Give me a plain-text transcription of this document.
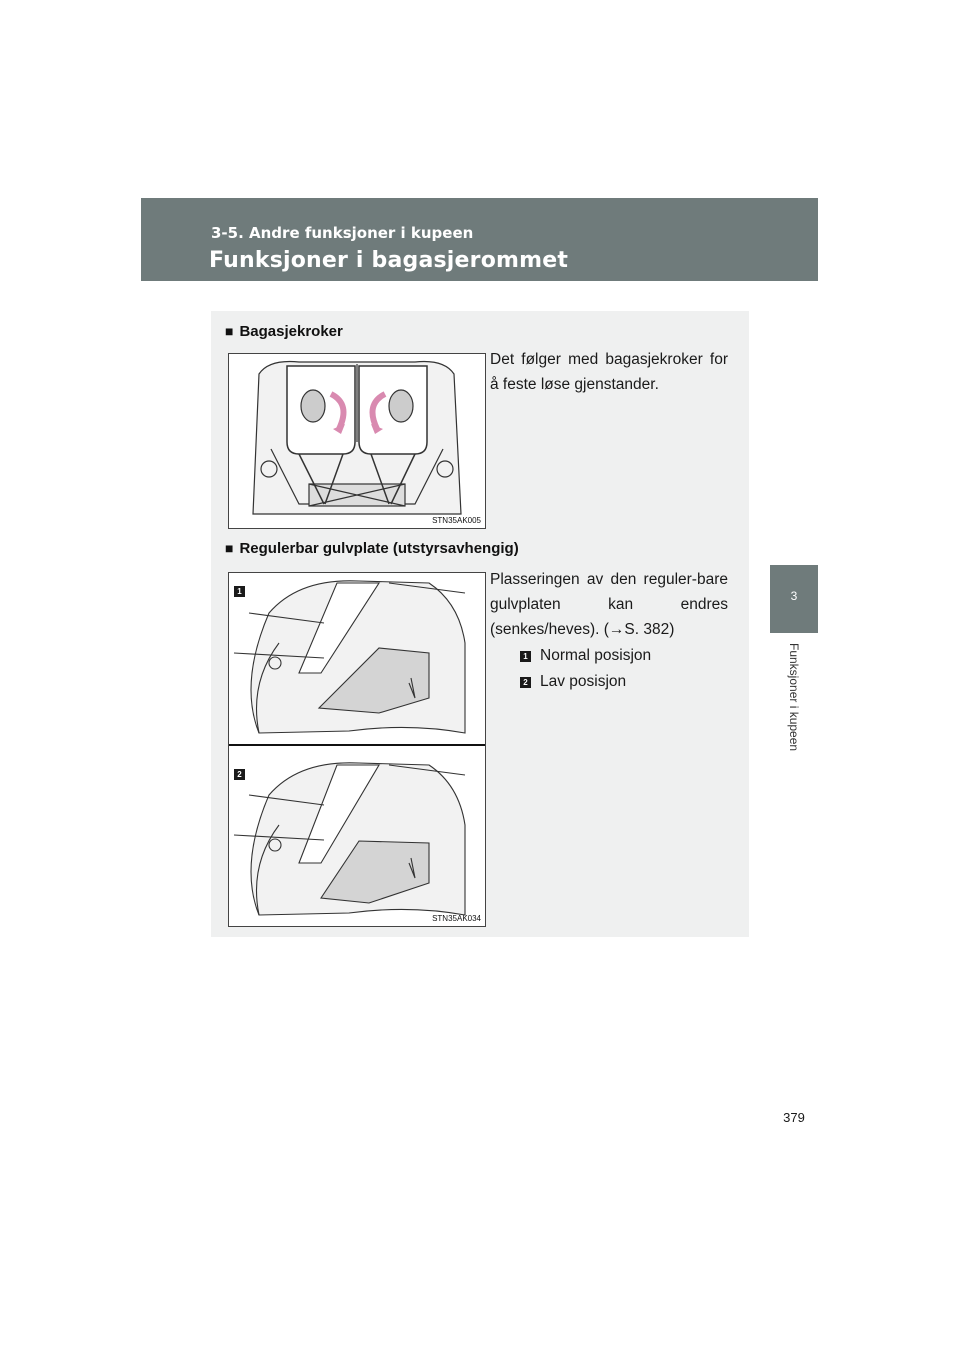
3-5. Andre funksjoner i kupeen
Funksjoner i bagasjerommet
3
Funksjoner i kupeen
■ Bagasjekroker
STN35AK005
Det følger med bagasjekroker for å feste løse gjenstander.
■ Regulerbar gulvplate (utstyrsavhengig)
1
2
STN35AK034
Plasseringen av den reguler-bare gulvplaten kan endres (senkes/heves). (→S. 382)
1 Normal posisjon
2 Lav posisjon
379
